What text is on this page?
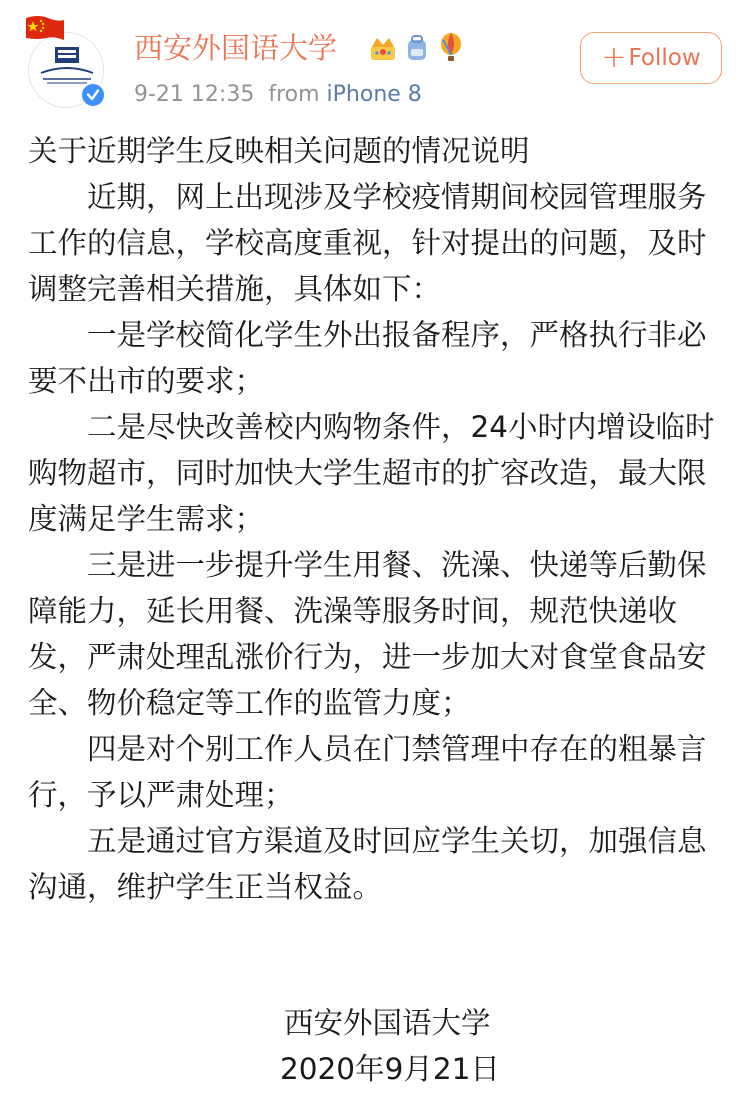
西安外国语大学
9-21 12:35 from iPhone 8
+ Follow

关于近期学生反映相关问题的情况说明

近期，网上出现涉及学校疫情期间校园管理服务工作的信息，学校高度重视，针对提出的问题，及时调整完善相关措施，具体如下：

一是学校简化学生外出报备程序，严格执行非必要不出市的要求；

二是尽快改善校内购物条件，24小时内增设临时购物超市，同时加快大学生超市的扩容改造，最大限度满足学生需求；

三是进一步提升学生用餐、洗澡、快递等后勤保障能力，延长用餐、洗澡等服务时间，规范快递收发，严肃处理乱涨价行为，进一步加大对食堂食品安全、物价稳定等工作的监管力度；

四是对个别工作人员在门禁管理中存在的粗暴言行，予以严肃处理；

五是通过官方渠道及时回应学生关切，加强信息沟通，维护学生正当权益。

西安外国语大学
2020年9月21日
